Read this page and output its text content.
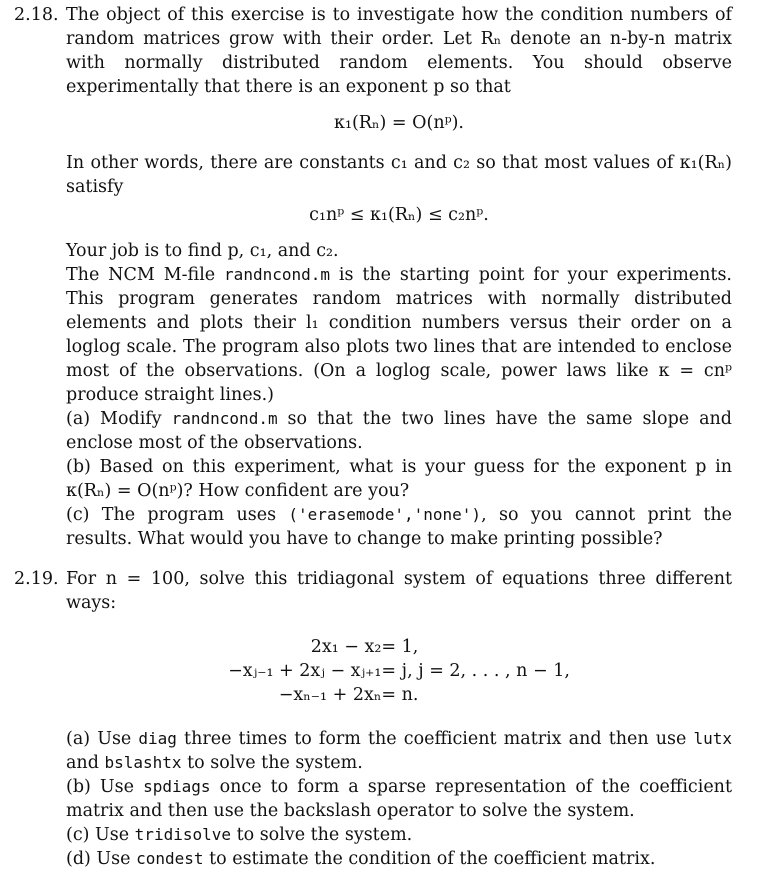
2.18. The object of this exercise is to investigate how the condition numbers of random matrices grow with their order. Let Rₙ denote an n-by-n matrix with normally distributed random elements. You should observe experimentally that there is an exponent p so that

κ₁(Rₙ) = O(nᵖ).

In other words, there are constants c₁ and c₂ so that most values of κ₁(Rₙ) satisfy

c₁nᵖ ≤ κ₁(Rₙ) ≤ c₂nᵖ.

Your job is to find p, c₁, and c₂.

The NCM M-file randncond.m is the starting point for your experiments. This program generates random matrices with normally distributed elements and plots their l₁ condition numbers versus their order on a loglog scale. The program also plots two lines that are intended to enclose most of the observations. (On a loglog scale, power laws like κ = cnᵖ produce straight lines.)

(a) Modify randncond.m so that the two lines have the same slope and enclose most of the observations.

(b) Based on this experiment, what is your guess for the exponent p in κ(Rₙ) = O(nᵖ)? How confident are you?

(c) The program uses ('erasemode','none'), so you cannot print the results. What would you have to change to make printing possible?

2.19. For n = 100, solve this tridiagonal system of equations three different ways:

2x₁ − x₂	= 1,
−xⱼ₋₁ + 2xⱼ − xⱼ₊₁	= j, j = 2, . . . , n − 1,
−xₙ₋₁ + 2xₙ	= n.

(a) Use diag three times to form the coefficient matrix and then use lutx and bslashtx to solve the system.

(b) Use spdiags once to form a sparse representation of the coefficient matrix and then use the backslash operator to solve the system.

(c) Use tridisolve to solve the system.

(d) Use condest to estimate the condition of the coefficient matrix.
